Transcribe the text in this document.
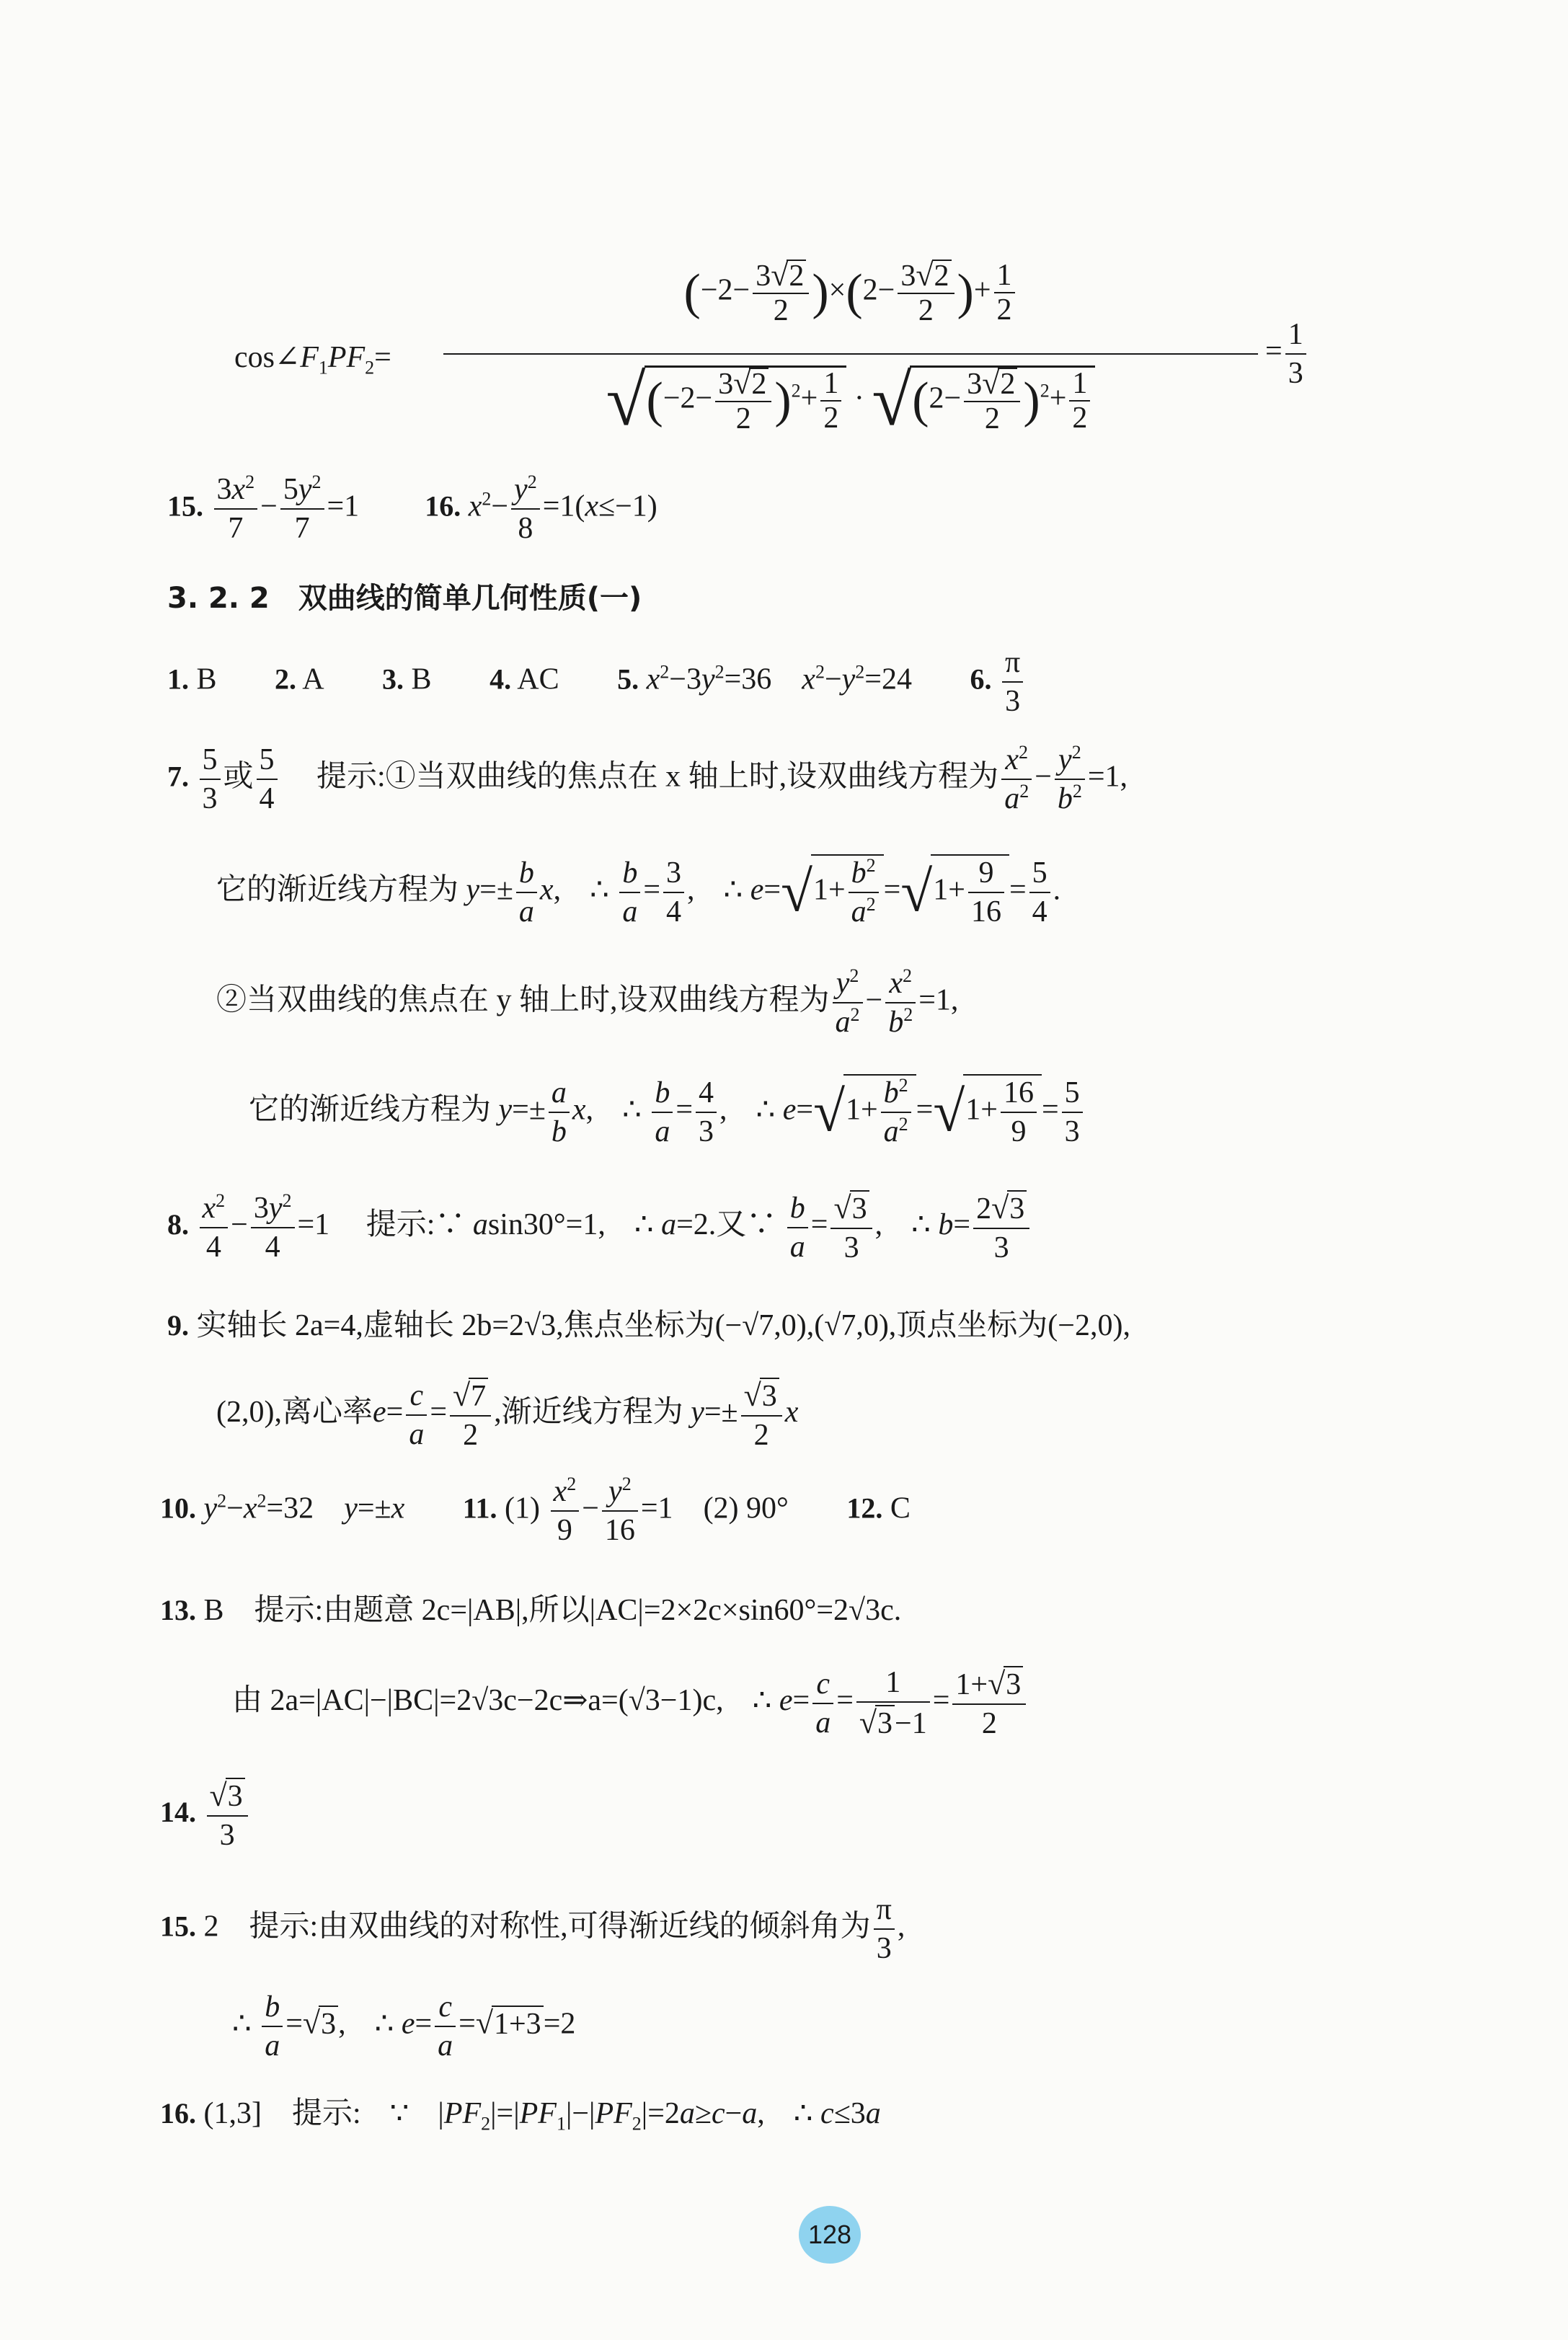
$\cos\angle F_1PF_2=$
$(-2- \frac{3√2}{2} )\times(2- \frac{3√2}{2}$ )+ $\frac{1}{2}$
$√(-2- \frac{3√2}{2} )^2+ \frac{1}{2} \cdot √(2- \frac{3√2}{2} )^2+ \frac{1}{2}$
= $\frac{1}{3}$
15. $\frac{3x^2}{7} - \frac{5y^2}{7} =1$  16. $x^2- \frac{y^2}{8} =1(x\le-1)$
3. 2. 2　双曲线的简单几何性质(一)
1. B 2. A 3. B 4. AC 5. $x^2-3y^2=36$　$x^2-y^2=24$ 6. $\frac{\pi}{3}$
7. $\frac{5}{3}$ 或 $\frac{5}{4}$ 提示:①当双曲线的焦点在 x 轴上时,设双曲线方程为 $\frac{x^2}{a^2} - \frac{y^2}{b^2} =1$,
它的渐近线方程为 $y=\pm \frac{b}{a} x$, ∴ $\frac{b}{a} = \frac{3}{4}$ , ∴ $e=√1+ \frac{b^2}{a^2} =√1+ \frac{9}{16} = \frac{5}{4}$ .
②当双曲线的焦点在 y 轴上时,设双曲线方程为 $\frac{y^2}{a^2} - \frac{x^2}{b^2} =1$,
它的渐近线方程为 $y=\pm \frac{a}{b} x$, ∴ $\frac{b}{a} = \frac{4}{3}$ , ∴ $e=√1+ \frac{b^2}{a^2} =√1+ \frac{16}{9} = \frac{5}{3}$
8. $\frac{x^2}{4} - \frac{3y^2}{4} =1$ 提示:∵ asin30°=1, ∴ a=2.又∵ $\frac{b}{a} = \frac{√3}{3}$ , ∴ $b= \frac{2√3}{3}$
9. 实轴长 2a=4,虚轴长 2b=2√3,焦点坐标为(−√7,0),(√7,0),顶点坐标为(−2,0),
(2,0),离心率$e= \frac{c}{a} = \frac{√7}{2}$ ,渐近线方程为 $y=\pm \frac{√3}{2}$ x
10. $y^2-x^2=32$　y=±x 11. $(1) \frac{x^2}{9} - \frac{y^2}{16} =1$　(2) 90° 12. C
13. B　提示:由题意 2c=|AB|,所以|AC|=2×2c×sin60°=2√3c.
由 2a=|AC|−|BC|=2√3c−2c⇒a=(√3−1)c, ∴ $e= \frac{c}{a} = \frac{1}{√3-1} = \frac{1+√3}{2}$
14. $\frac{√3}{3}$
15. 2　提示:由双曲线的对称性,可得渐近线的倾斜角为 $\frac{\pi}{3}$ ,
∴ $\frac{b}{a} =√3$, ∴ $e= \frac{c}{a} =√1+3=2$
16. (1,3]　提示: ∵ $|PF_2|=|PF_1|-|PF_2|=2a\ge c-a$, ∴ c≤3a
128
